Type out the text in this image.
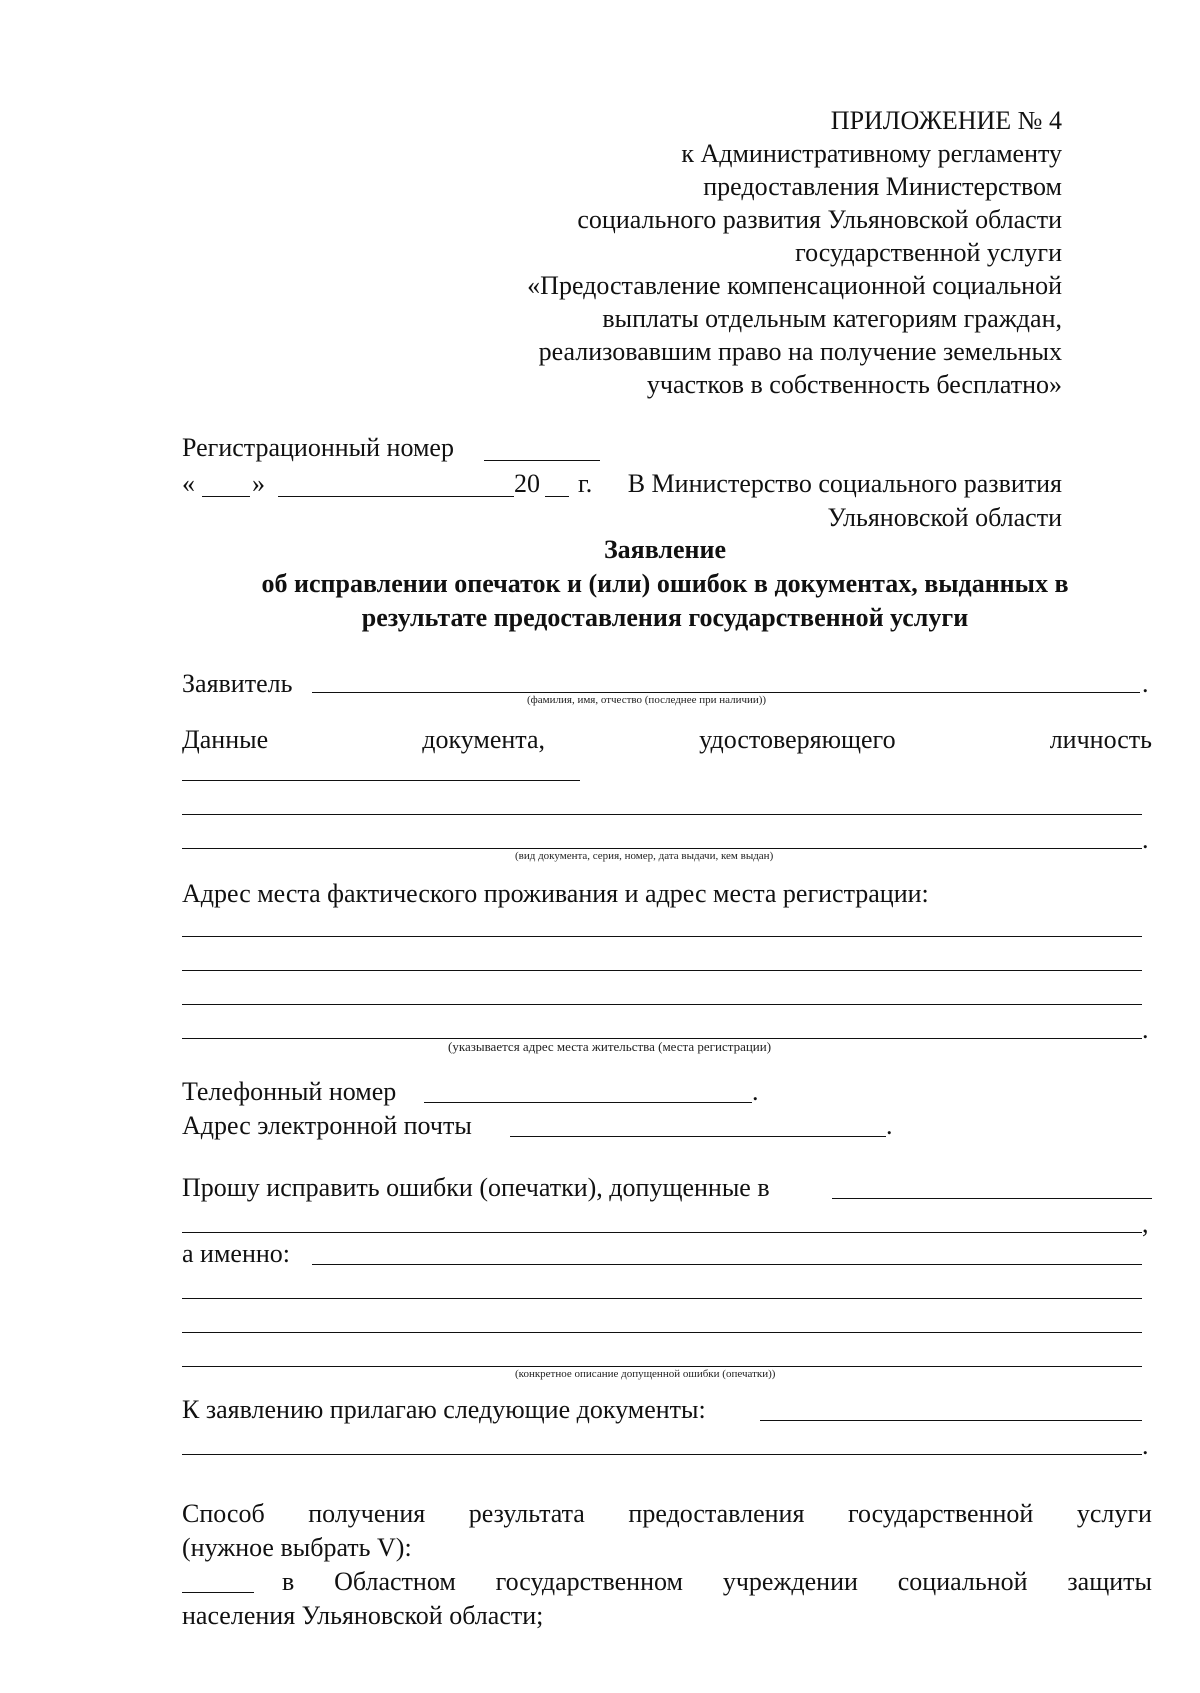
ПРИЛОЖЕНИЕ № 4
к Административному регламенту
предоставления Министерством
социального развития Ульяновской области
государственной услуги
«Предоставление компенсационной социальной
выплаты отдельным категориям граждан,
реализовавшим право на получение земельных
участков в собственность бесплатно»
Регистрационный номер
« »	20 г. В Министерство социального развития
Ульяновской области
Заявление
об исправлении опечаток и (или) ошибок в документах, выданных в
результате предоставления государственной услуги
Заявитель	.
(фамилия, имя, отчество (последнее при наличии))
Данные	документа,	удостоверяющего	личность
.
(вид документа, серия, номер, дата выдачи, кем выдан)
Адрес места фактического проживания и адрес места регистрации:
.
(указывается адрес места жительства (места регистрации)
Телефонный номер	.
Адрес электронной почты	.
Прошу исправить ошибки (опечатки), допущенные в
,
а именно:
(конкретное описание допущенной ошибки (опечатки))
К заявлению прилагаю следующие документы:
.
Способ получения результата предоставления государственной услуги
(нужное выбрать V):
в Областном государственном учреждении социальной защиты
населения Ульяновской области;
